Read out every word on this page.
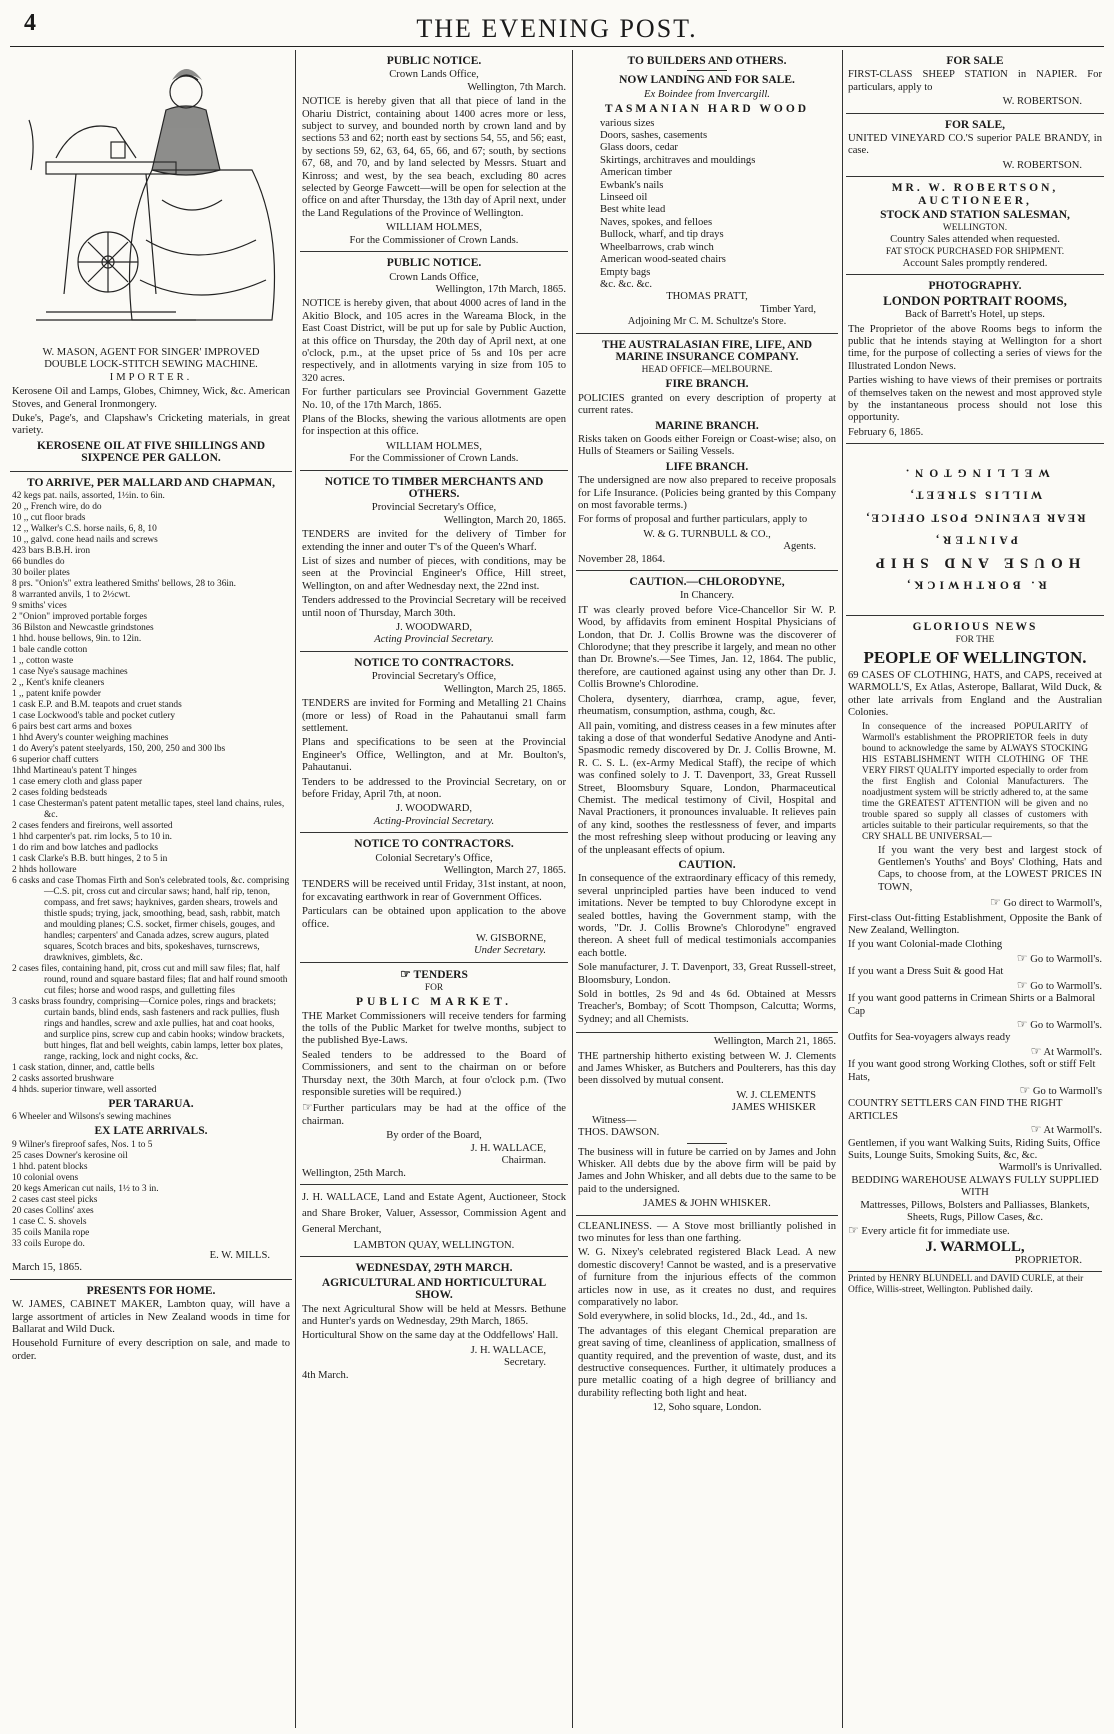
4	THE EVENING POST.
W. MASON, AGENT FOR SINGER' IMPROVED
DOUBLE LOCK-STITCH SEWING MACHINE.
IMPORTER.

Kerosene Oil and Lamps, Globes, Chimney, Wick, &c. American Stoves, and General Ironmongery.

Duke's, Page's, and Clapshaw's Cricketing materials, in great variety.

KEROSENE OIL AT FIVE SHILLINGS AND SIXPENCE PER GALLON.
TO ARRIVE, PER MALLARD AND CHAPMAN,
42 kegs pat. nails, assorted, 1½in. to 6in.
20 ,, French wire, do do
10 ,, cut floor brads
12 ,, Walker's C.S. horse nails, 6, 8, 10
10 ,, galvd. cone head nails and screws
423 bars B.B.H. iron
66 bundles do
30 boiler plates
8 prs. "Onion's" extra leathered Smiths' bellows, 28 to 36in.
8 warranted anvils, 1 to 2½cwt.
9 smiths' vices
2 "Onion" improved portable forges
36 Bilston and Newcastle grindstones
1 hhd. house bellows, 9in. to 12in.
1 bale candle cotton
1 ,, cotton waste
1 case Nye's sausage machines
2 ,, Kent's knife cleaners
1 ,, patent knife powder
1 cask E.P. and B.M. teapots and cruet stands
1 case Lockwood's table and pocket cutlery
6 pairs best cart arms and boxes
1 hhd Avery's counter weighing machines
1 do Avery's patent steelyards, 150, 200, 250 and 300 lbs
6 superior chaff cutters
1hhd Martineau's patent T hinges
1 case emery cloth and glass paper
2 cases folding bedsteads
1 case Chesterman's patent patent metallic tapes, steel land chains, rules, &c.
2 cases fenders and fireirons, well assorted
1 hhd carpenter's pat. rim locks, 5 to 10 in.
1 do rim and bow latches and padlocks
1 cask Clarke's B.B. butt hinges, 2 to 5 in
2 hhds holloware
6 casks and case Thomas Firth and Son's celebrated tools, &c. comprising—C.S. pit, cross cut and circular saws; hand, half rip, tenon, compass, and fret saws; hayknives, garden shears, trowels and thistle spuds; trying, jack, smoothing, bead, sash, rabbit, match and moulding planes; C.S. socket, firmer chisels, gouges, and handles; carpenters' and Canada adzes, screw augurs, plated squares, Scotch braces and bits, spokeshaves, turnscrews, drawknives, gimblets, &c.
2 cases files, containing hand, pit, cross cut and mill saw files; flat, half round, round and square bastard files; flat and half round smooth cut files; horse and wood rasps, and gulletting files
3 casks brass foundry, comprising—Cornice poles, rings and brackets; curtain bands, blind ends, sash fasteners and rack pullies, flush rings and handles, screw and axle pullies, hat and coat hooks, and surplice pins, screw cup and cabin hooks; window brackets, butt hinges, flat and bell weights, cabin lamps, letter box plates, range, racking, lock and night cocks, &c.
1 cask station, dinner, and, cattle bells
2 casks assorted brushware
4 hhds. superior tinware, well assorted
PER TARARUA.
6 Wheeler and Wilsons's sewing machines
EX LATE ARRIVALS.
9 Wilner's fireproof safes, Nos. 1 to 5
25 cases Downer's kerosine oil
1 hhd. patent blocks
10 colonial ovens
20 kegs American cut nails, 1½ to 3 in.
2 cases cast steel picks
20 cases Collins' axes
1 case C. S. shovels
35 coils Manila rope
33 coils Europe do.
E. W. MILLS.
March 15, 1865.
PRESENTS FOR HOME.

W. JAMES, CABINET MAKER, Lambton quay, will have a large assortment of articles in New Zealand woods in time for Ballarat and Wild Duck.

Household Furniture of every description on sale, and made to order.

PUBLIC NOTICE.
Crown Lands Office,
Wellington, 7th March.

NOTICE is hereby given that all that piece of land in the Ohariu District, containing about 1400 acres more or less, subject to survey, and bounded north by crown land and by sections 53 and 62; north east by sections 54, 55, and 56; east, by sections 59, 62, 63, 64, 65, 66, and 67; south, by sections 67, 68, and 70, and by land selected by Messrs. Stuart and Kinross; and west, by the sea beach, excluding 80 acres selected by George Fawcett—will be open for selection at the office on and after Thursday, the 13th day of April next, under the Land Regulations of the Province of Wellington.

WILLIAM HOLMES,
For the Commissioner of Crown Lands.
PUBLIC NOTICE.
Crown Lands Office,
Wellington, 17th March, 1865.

NOTICE is hereby given, that about 4000 acres of land in the Akitio Block, and 105 acres in the Wareama Block, in the East Coast District, will be put up for sale by Public Auction, at this office on Thursday, the 20th day of April next, at one o'clock, p.m., at the upset price of 5s and 10s per acre respectively, and in allotments varying in size from 105 to 320 acres.

For further particulars see Provincial Government Gazette No. 10, of the 17th March, 1865.

Plans of the Blocks, shewing the various allotments are open for inspection at this office.

WILLIAM HOLMES,
For the Commissioner of Crown Lands.
NOTICE TO TIMBER MERCHANTS AND OTHERS.
Provincial Secretary's Office,
Wellington, March 20, 1865.

TENDERS are invited for the delivery of Timber for extending the inner and outer T's of the Queen's Wharf.

List of sizes and number of pieces, with conditions, may be seen at the Provincial Engineer's Office, Hill street, Wellington, on and after Wednesday next, the 22nd inst.

Tenders addressed to the Provincial Secretary will be received until noon of Thursday, March 30th.

J. WOODWARD,
Acting Provincial Secretary.
NOTICE TO CONTRACTORS.
Provincial Secretary's Office,
Wellington, March 25, 1865.

TENDERS are invited for Forming and Metalling 21 Chains (more or less) of Road in the Pahautanui small farm settlement.

Plans and specifications to be seen at the Provincial Engineer's Office, Wellington, and at Mr. Boulton's, Pahautanui.

Tenders to be addressed to the Provincial Secretary, on or before Friday, April 7th, at noon.

J. WOODWARD,
Acting-Provincial Secretary.
NOTICE TO CONTRACTORS.
Colonial Secretary's Office,
Wellington, March 27, 1865.

TENDERS will be received until Friday, 31st instant, at noon, for excavating earthwork in rear of Government Offices.

Particulars can be obtained upon application to the above office.

W. GISBORNE,
Under Secretary.
☞ TENDERS
FOR
PUBLIC MARKET.

THE Market Commissioners will receive tenders for farming the tolls of the Public Market for twelve months, subject to the published Bye-Laws.

Sealed tenders to be addressed to the Board of Commissioners, and sent to the chairman on or before Thursday next, the 30th March, at four o'clock p.m. (Two responsible sureties will be required.)

☞Further particulars may be had at the office of the chairman.

By order of the Board,
J. H. WALLACE,
Chairman.
Wellington, 25th March.

J. H. WALLACE, Land and Estate Agent, Auctioneer, Stock and Share Broker, Valuer, Assessor, Commission Agent and General Merchant,

LAMBTON QUAY, WELLINGTON.
WEDNESDAY, 29TH MARCH.
AGRICULTURAL AND HORTICULTURAL SHOW.

The next Agricultural Show will be held at Messrs. Bethune and Hunter's yards on Wednesday, 29th March, 1865.

Horticultural Show on the same day at the Oddfellows' Hall.

J. H. WALLACE,
Secretary.
4th March.
TO BUILDERS AND OTHERS.
NOW LANDING AND FOR SALE.
Ex Boindee from Invercargill.
TASMANIAN HARD WOOD
various sizes
Doors, sashes, casements
Glass doors, cedar
Skirtings, architraves and mouldings
American timber
Ewbank's nails
Linseed oil
Best white lead
Naves, spokes, and felloes
Bullock, wharf, and tip drays
Wheelbarrows, crab winch
American wood-seated chairs
Empty bags
&c. &c. &c.
THOMAS PRATT,
Timber Yard,
Adjoining Mr C. M. Schultze's Store.
THE AUSTRALASIAN FIRE, LIFE, AND MARINE INSURANCE COMPANY.
HEAD OFFICE—MELBOURNE.
FIRE BRANCH.

POLICIES granted on every description of property at current rates.

MARINE BRANCH.

Risks taken on Goods either Foreign or Coast-wise; also, on Hulls of Steamers or Sailing Vessels.

LIFE BRANCH.

The undersigned are now also prepared to receive proposals for Life Insurance. (Policies being granted by this Company on most favorable terms.)

For forms of proposal and further particulars, apply to

W. & G. TURNBULL & CO.,
Agents.
November 28, 1864.
CAUTION.—CHLORODYNE,
In Chancery.

IT was clearly proved before Vice-Chancellor Sir W. P. Wood, by affidavits from eminent Hospital Physicians of London, that Dr. J. Collis Browne was the discoverer of Chlorodyne; that they prescribe it largely, and mean no other than Dr. Browne's.—See Times, Jan. 12, 1864. The public, therefore, are cautioned against using any other than Dr. J. Collis Browne's Chlorodine.

Cholera, dysentery, diarrhœa, cramp, ague, fever, rheumatism, consumption, asthma, cough, &c.

All pain, vomiting, and distress ceases in a few minutes after taking a dose of that wonderful Sedative Anodyne and Anti-Spasmodic remedy discovered by Dr. J. Collis Browne, M. R. C. S. L. (ex-Army Medical Staff), the recipe of which was confined solely to J. T. Davenport, 33, Great Russell Street, Bloomsbury Square, London, Pharmaceutical Chemist. The medical testimony of Civil, Hospital and Naval Practioners, it pronounces invaluable. It relieves pain of any kind, soothes the restlessness of fever, and imparts the most refreshing sleep without producing or leaving any of the unpleasant effects of opium.

CAUTION.

In consequence of the extraordinary efficacy of this remedy, several unprincipled parties have been induced to vend imitations. Never be tempted to buy Chlorodyne except in sealed bottles, having the Government stamp, with the words, "Dr. J. Collis Browne's Chlorodyne" engraved thereon. A sheet full of medical testimonials accompanies each bottle.

Sole manufacturer, J. T. Davenport, 33, Great Russell-street, Bloomsbury, London.

Sold in bottles, 2s 9d and 4s 6d. Obtained at Messrs Treacher's, Bombay; of Scott Thompson, Calcutta; Worms, Sydney; and all Chemists.

Wellington, March 21, 1865.

THE partnership hitherto existing between W. J. Clements and James Whisker, as Butchers and Poulterers, has this day been dissolved by mutual consent.

W. J. CLEMENTS
JAMES WHISKER
Witness—
THOS. DAWSON.

The business will in future be carried on by James and John Whisker. All debts due by the above firm will be paid by James and John Whisker, and all debts due to the same to be paid to the undersigned.

JAMES & JOHN WHISKER.

CLEANLINESS. — A Stove most brilliantly polished in two minutes for less than one farthing.

W. G. Nixey's celebrated registered Black Lead. A new domestic discovery! Cannot be wasted, and is a preservative of furniture from the injurious effects of the common articles now in use, as it creates no dust, and requires comparatively no labor.

Sold everywhere, in solid blocks, 1d., 2d., 4d., and 1s.

The advantages of this elegant Chemical preparation are great saving of time, cleanliness of application, smallness of quantity required, and the prevention of waste, dust, and its destructive consequences. Further, it ultimately produces a pure metallic coating of a high degree of brilliancy and durability reflecting both light and heat.

12, Soho square, London.
FOR SALE

FIRST-CLASS SHEEP STATION in NAPIER. For particulars, apply to

W. ROBERTSON.
FOR SALE,

UNITED VINEYARD CO.'S superior PALE BRANDY, in case.

W. ROBERTSON.
MR. W. ROBERTSON, AUCTIONEER,
STOCK AND STATION SALESMAN,
WELLINGTON.
Country Sales attended when requested.
FAT STOCK PURCHASED FOR SHIPMENT.
Account Sales promptly rendered.
PHOTOGRAPHY.
LONDON PORTRAIT ROOMS,
Back of Barrett's Hotel, up steps.

The Proprietor of the above Rooms begs to inform the public that he intends staying at Wellington for a short time, for the purpose of collecting a series of views for the Illustrated London News.

Parties wishing to have views of their premises or portraits of themselves taken on the newest and most approved style by the instantaneous process should not lose this opportunity.

February 6, 1865.
R. BORTHWICK,
HOUSE AND SHIP
PAINTER,
REAR EVENING POST OFFICE,
WILLIS STREET,
WELLINGTON.
GLORIOUS NEWS
FOR THE
PEOPLE OF WELLINGTON.

69 CASES OF CLOTHING, HATS, and CAPS, received at WARMOLL'S, Ex Atlas, Asterope, Ballarat, Wild Duck, & other late arrivals from England and the Australian Colonies.

In consequence of the increased POPULARITY of Warmoll's establishment the PROPRIETOR feels in duty bound to acknowledge the same by ALWAYS STOCKING HIS ESTABLISHMENT WITH CLOTHING OF THE VERY FIRST QUALITY imported especially to order from the first English and Colonial Manufacturers. The noadjustment system will be strictly adhered to, at the same time the GREATEST ATTENTION will be given and no trouble spared so supply all classes of customers with articles suitable to their particular requirements, so that the CRY SHALL BE UNIVERSAL—

If you want the very best and largest stock of Gentlemen's Youths' and Boys' Clothing, Hats and Caps, to choose from, at the LOWEST PRICES IN TOWN,

☞ Go direct to Warmoll's,

First-class Out-fitting Establishment, Opposite the Bank of New Zealand, Wellington.

If you want Colonial-made Clothing
☞ Go to Warmoll's.
If you want a Dress Suit & good Hat
☞ Go to Warmoll's.
If you want good patterns in Crimean Shirts or a Balmoral Cap
☞ Go to Warmoll's.
Outfits for Sea-voyagers always ready
☞ At Warmoll's.
If you want good strong Working Clothes, soft or stiff Felt Hats,
☞ Go to Warmoll's
COUNTRY SETTLERS CAN FIND THE RIGHT ARTICLES
☞ At Warmoll's.
Gentlemen, if you want Walking Suits, Riding Suits, Office Suits, Lounge Suits, Smoking Suits, &c, &c.
Warmoll's is Unrivalled.
BEDDING WAREHOUSE ALWAYS FULLY SUPPLIED WITH
Mattresses, Pillows, Bolsters and Palliasses, Blankets, Sheets, Rugs, Pillow Cases, &c.
☞ Every article fit for immediate use.
J. WARMOLL,
PROPRIETOR.
Printed by HENRY BLUNDELL and DAVID CURLE, at their Office, Willis-street, Wellington. Published daily.
